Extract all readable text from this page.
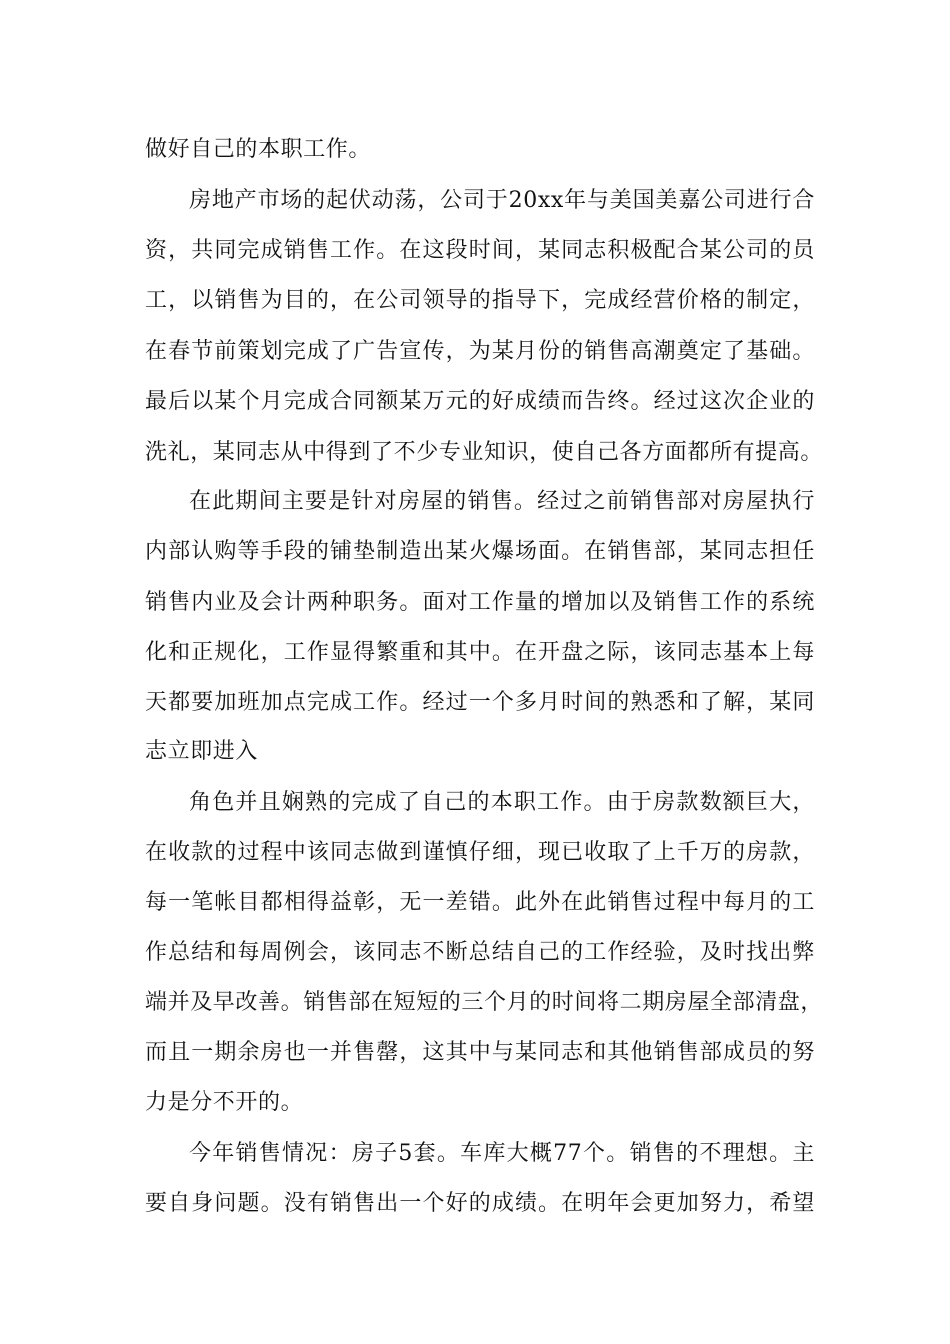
做好自己的本职工作。
房地产市场的起伏动荡，公司于20xx年与美国美嘉公司进行合
资，共同完成销售工作。在这段时间，某同志积极配合某公司的员
工，以销售为目的，在公司领导的指导下，完成经营价格的制定，
在春节前策划完成了广告宣传，为某月份的销售高潮奠定了基础。
最后以某个月完成合同额某万元的好成绩而告终。经过这次企业的
洗礼，某同志从中得到了不少专业知识，使自己各方面都所有提高。
在此期间主要是针对房屋的销售。经过之前销售部对房屋执行
内部认购等手段的铺垫制造出某火爆场面。在销售部，某同志担任
销售内业及会计两种职务。面对工作量的增加以及销售工作的系统
化和正规化，工作显得繁重和其中。在开盘之际，该同志基本上每
天都要加班加点完成工作。经过一个多月时间的熟悉和了解，某同
志立即进入
角色并且娴熟的完成了自己的本职工作。由于房款数额巨大，
在收款的过程中该同志做到谨慎仔细，现已收取了上千万的房款，
每一笔帐目都相得益彰，无一差错。此外在此销售过程中每月的工
作总结和每周例会，该同志不断总结自己的工作经验，及时找出弊
端并及早改善。销售部在短短的三个月的时间将二期房屋全部清盘，
而且一期余房也一并售罄，这其中与某同志和其他销售部成员的努
力是分不开的。
今年销售情况：房子5套。车库大概77个。销售的不理想。主
要自身问题。没有销售出一个好的成绩。在明年会更加努力，希望
